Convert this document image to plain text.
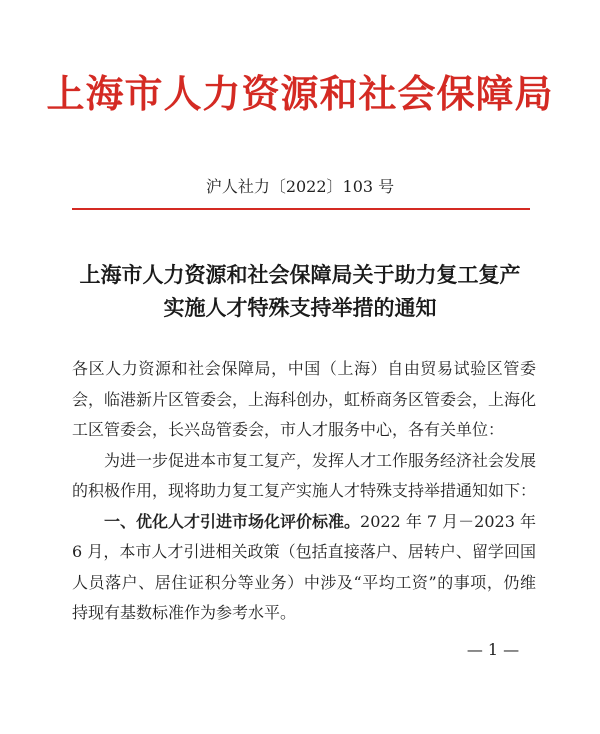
上海市人力资源和社会保障局
沪人社力〔2022〕103 号
上海市人力资源和社会保障局关于助力复工复产
实施人才特殊支持举措的通知

各区人力资源和社会保障局，中国（上海）自由贸易试验区管委会，临港新片区管委会，上海科创办，虹桥商务区管委会，上海化工区管委会，长兴岛管委会，市人才服务中心，各有关单位：

为进一步促进本市复工复产，发挥人才工作服务经济社会发展的积极作用，现将助力复工复产实施人才特殊支持举措通知如下：

一、优化人才引进市场化评价标准。2022 年 7 月－2023 年 6 月，本市人才引进相关政策（包括直接落户、居转户、留学回国人员落户、居住证积分等业务）中涉及“平均工资”的事项，仍维持现有基数标准作为参考水平。

— 1 —
